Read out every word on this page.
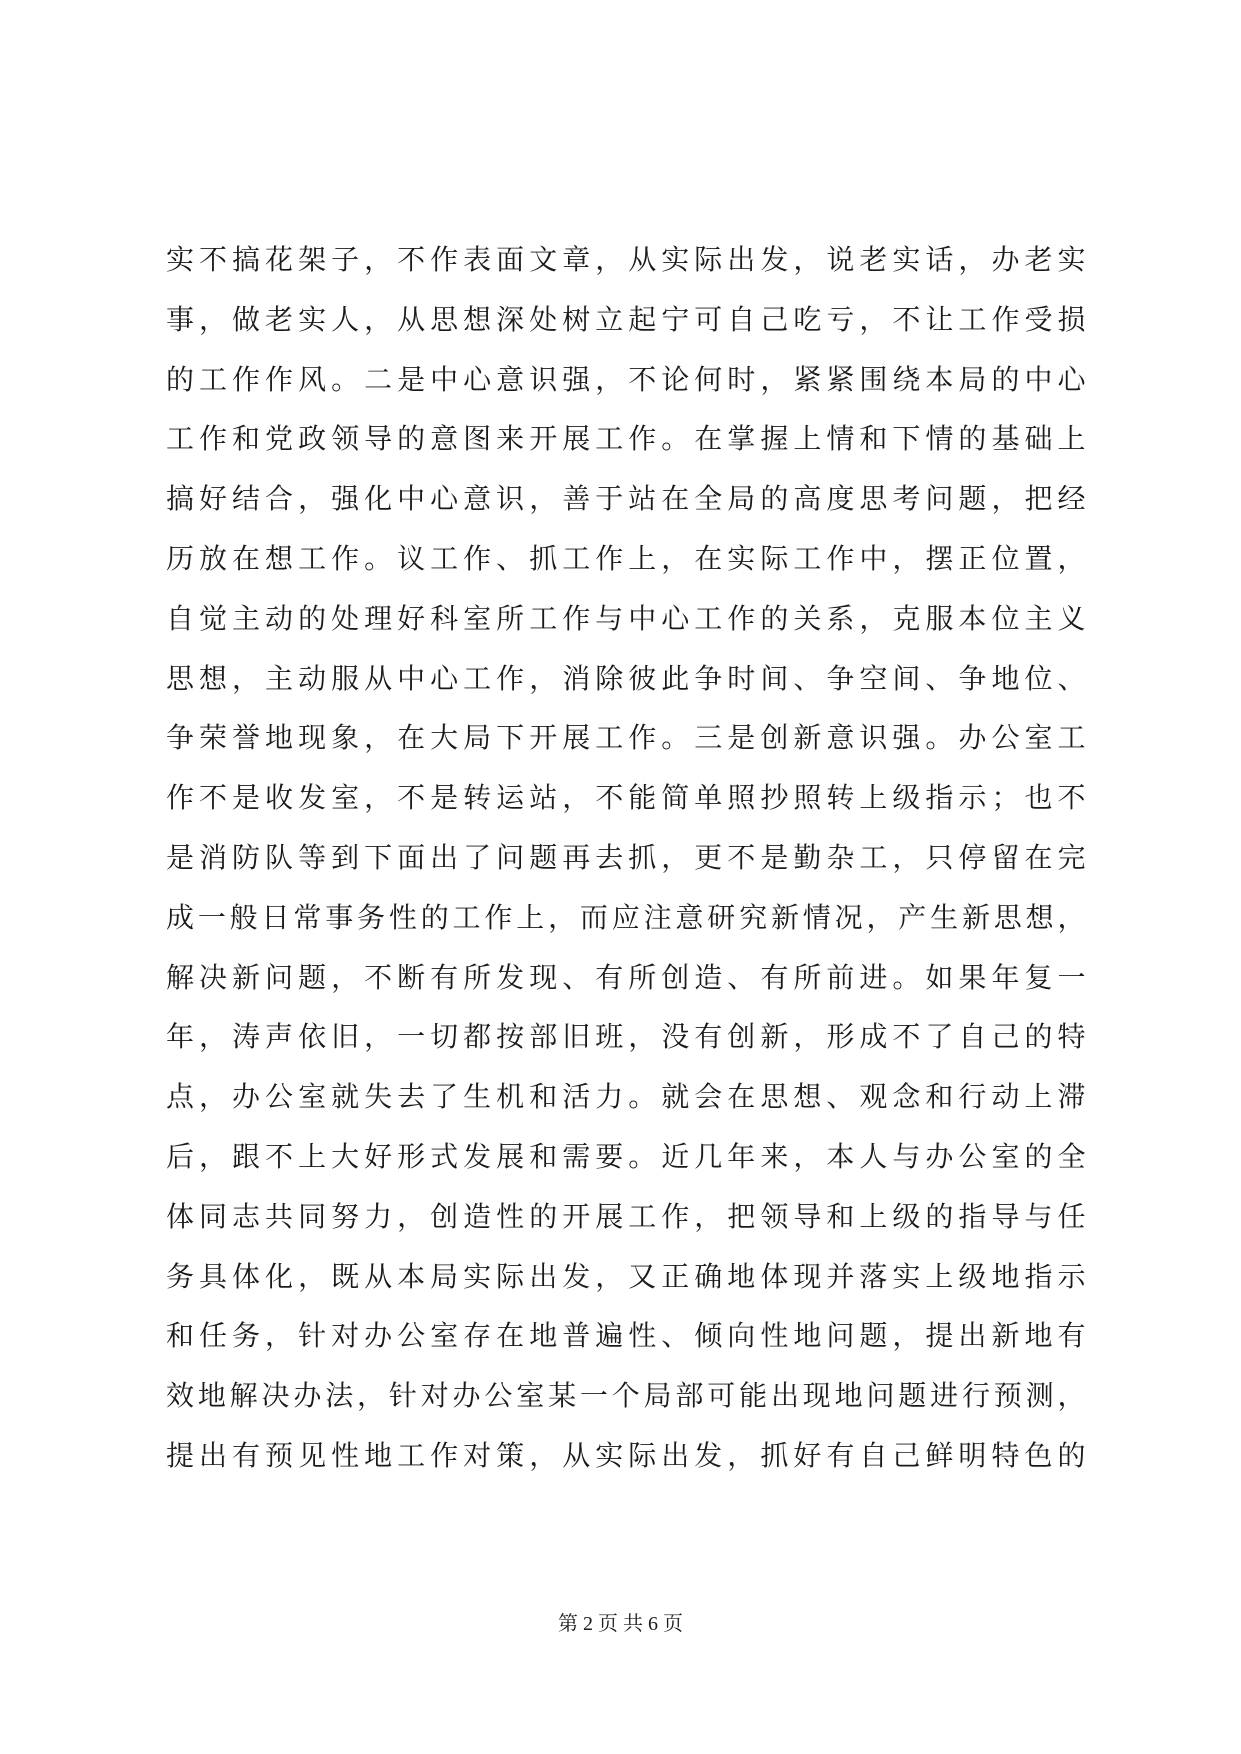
实不搞花架子，不作表面文章，从实际出发，说老实话，办老实
事，做老实人，从思想深处树立起宁可自己吃亏，不让工作受损
的工作作风。二是中心意识强，不论何时，紧紧围绕本局的中心
工作和党政领导的意图来开展工作。在掌握上情和下情的基础上
搞好结合，强化中心意识，善于站在全局的高度思考问题，把经
历放在想工作。议工作、抓工作上，在实际工作中，摆正位置，
自觉主动的处理好科室所工作与中心工作的关系，克服本位主义
思想，主动服从中心工作，消除彼此争时间、争空间、争地位、
争荣誉地现象，在大局下开展工作。三是创新意识强。办公室工
作不是收发室，不是转运站，不能简单照抄照转上级指示；也不
是消防队等到下面出了问题再去抓，更不是勤杂工，只停留在完
成一般日常事务性的工作上，而应注意研究新情况，产生新思想，
解决新问题，不断有所发现、有所创造、有所前进。如果年复一
年，涛声依旧，一切都按部旧班，没有创新，形成不了自己的特
点，办公室就失去了生机和活力。就会在思想、观念和行动上滞
后，跟不上大好形式发展和需要。近几年来，本人与办公室的全
体同志共同努力，创造性的开展工作，把领导和上级的指导与任
务具体化，既从本局实际出发，又正确地体现并落实上级地指示
和任务，针对办公室存在地普遍性、倾向性地问题，提出新地有
效地解决办法，针对办公室某一个局部可能出现地问题进行预测，
提出有预见性地工作对策，从实际出发，抓好有自己鲜明特色的
第 2 页 共 6 页
